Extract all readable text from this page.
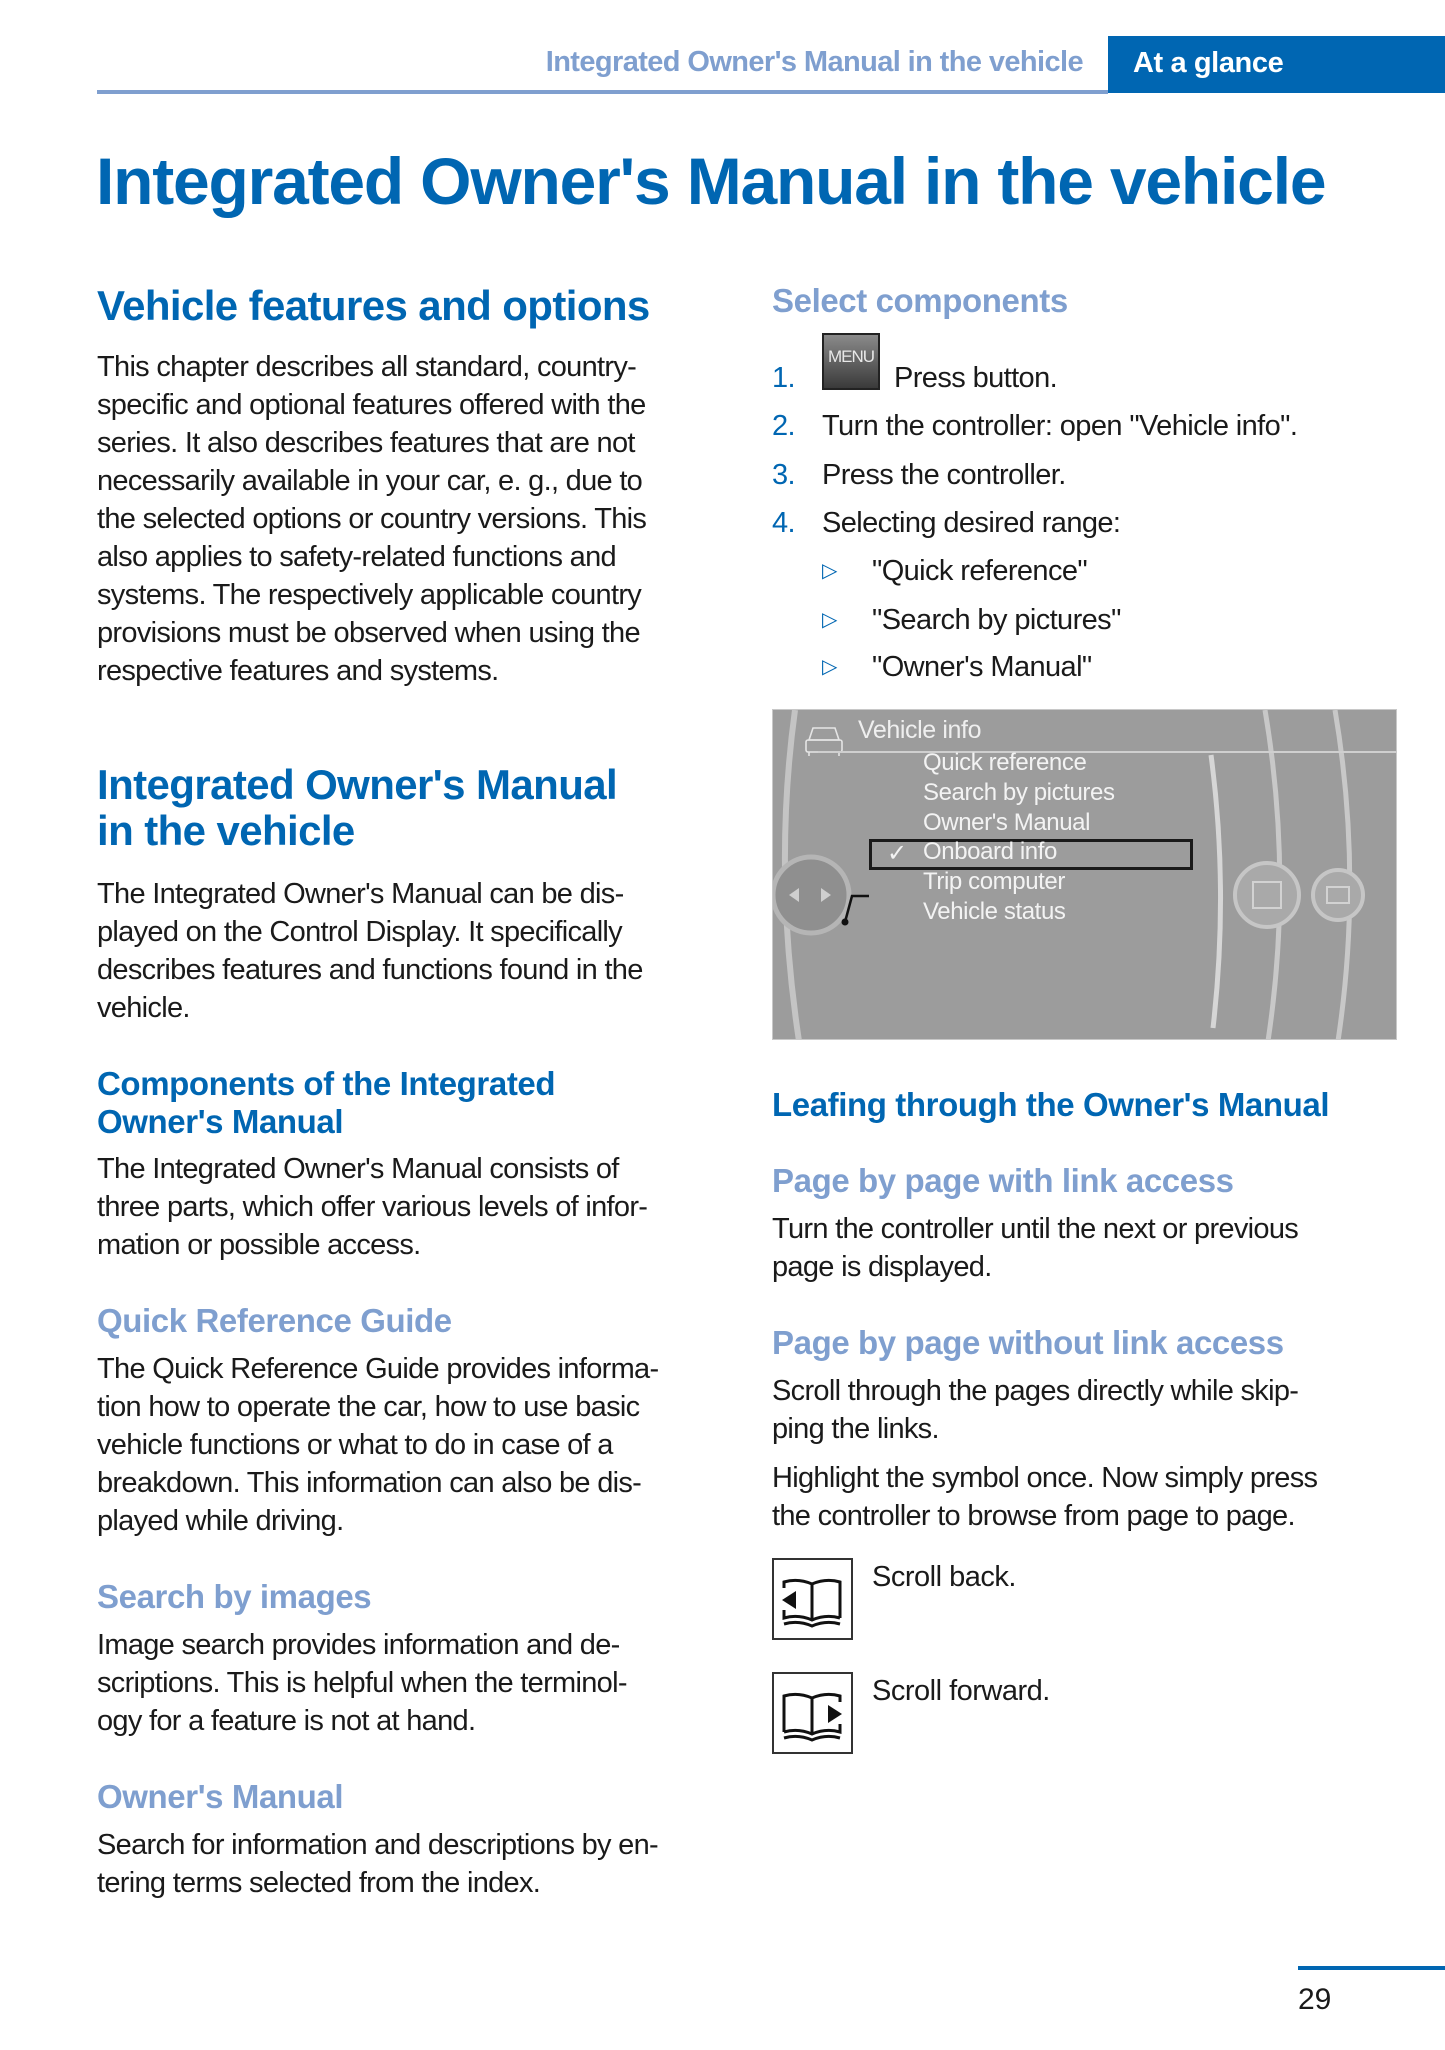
Integrated Owner's Manual in the vehicle	At a glance
Integrated Owner's Manual in the vehicle
Vehicle features and options
This chapter describes all standard, country-
specific and optional features offered with the
series. It also describes features that are not
necessarily available in your car, e. g., due to
the selected options or country versions. This
also applies to safety-related functions and
systems. The respectively applicable country
provisions must be observed when using the
respective features and systems.
Integrated Owner's Manual
in the vehicle
The Integrated Owner's Manual can be dis-
played on the Control Display. It specifically
describes features and functions found in the
vehicle.
Components of the Integrated
Owner's Manual
The Integrated Owner's Manual consists of
three parts, which offer various levels of infor-
mation or possible access.
Quick Reference Guide
The Quick Reference Guide provides informa-
tion how to operate the car, how to use basic
vehicle functions or what to do in case of a
breakdown. This information can also be dis-
played while driving.
Search by images
Image search provides information and de-
scriptions. This is helpful when the terminol-
ogy for a feature is not at hand.
Owner's Manual
Search for information and descriptions by en-
tering terms selected from the index.
Select components
1.	Press button.
MENU
2. Turn the controller: open "Vehicle info".
3. Press the controller.
4. Selecting desired range:
▷ "Quick reference"
▷ "Search by pictures"
▷ "Owner's Manual"
Vehicle info
Quick reference
Search by pictures
✓
Owner's Manual
Onboard info
Trip computer
Vehicle status
Leafing through the Owner's Manual
Page by page with link access
Turn the controller until the next or previous
page is displayed.
Page by page without link access
Scroll through the pages directly while skip-
ping the links.
Highlight the symbol once. Now simply press
the controller to browse from page to page.
Scroll back.
Scroll forward.
29
